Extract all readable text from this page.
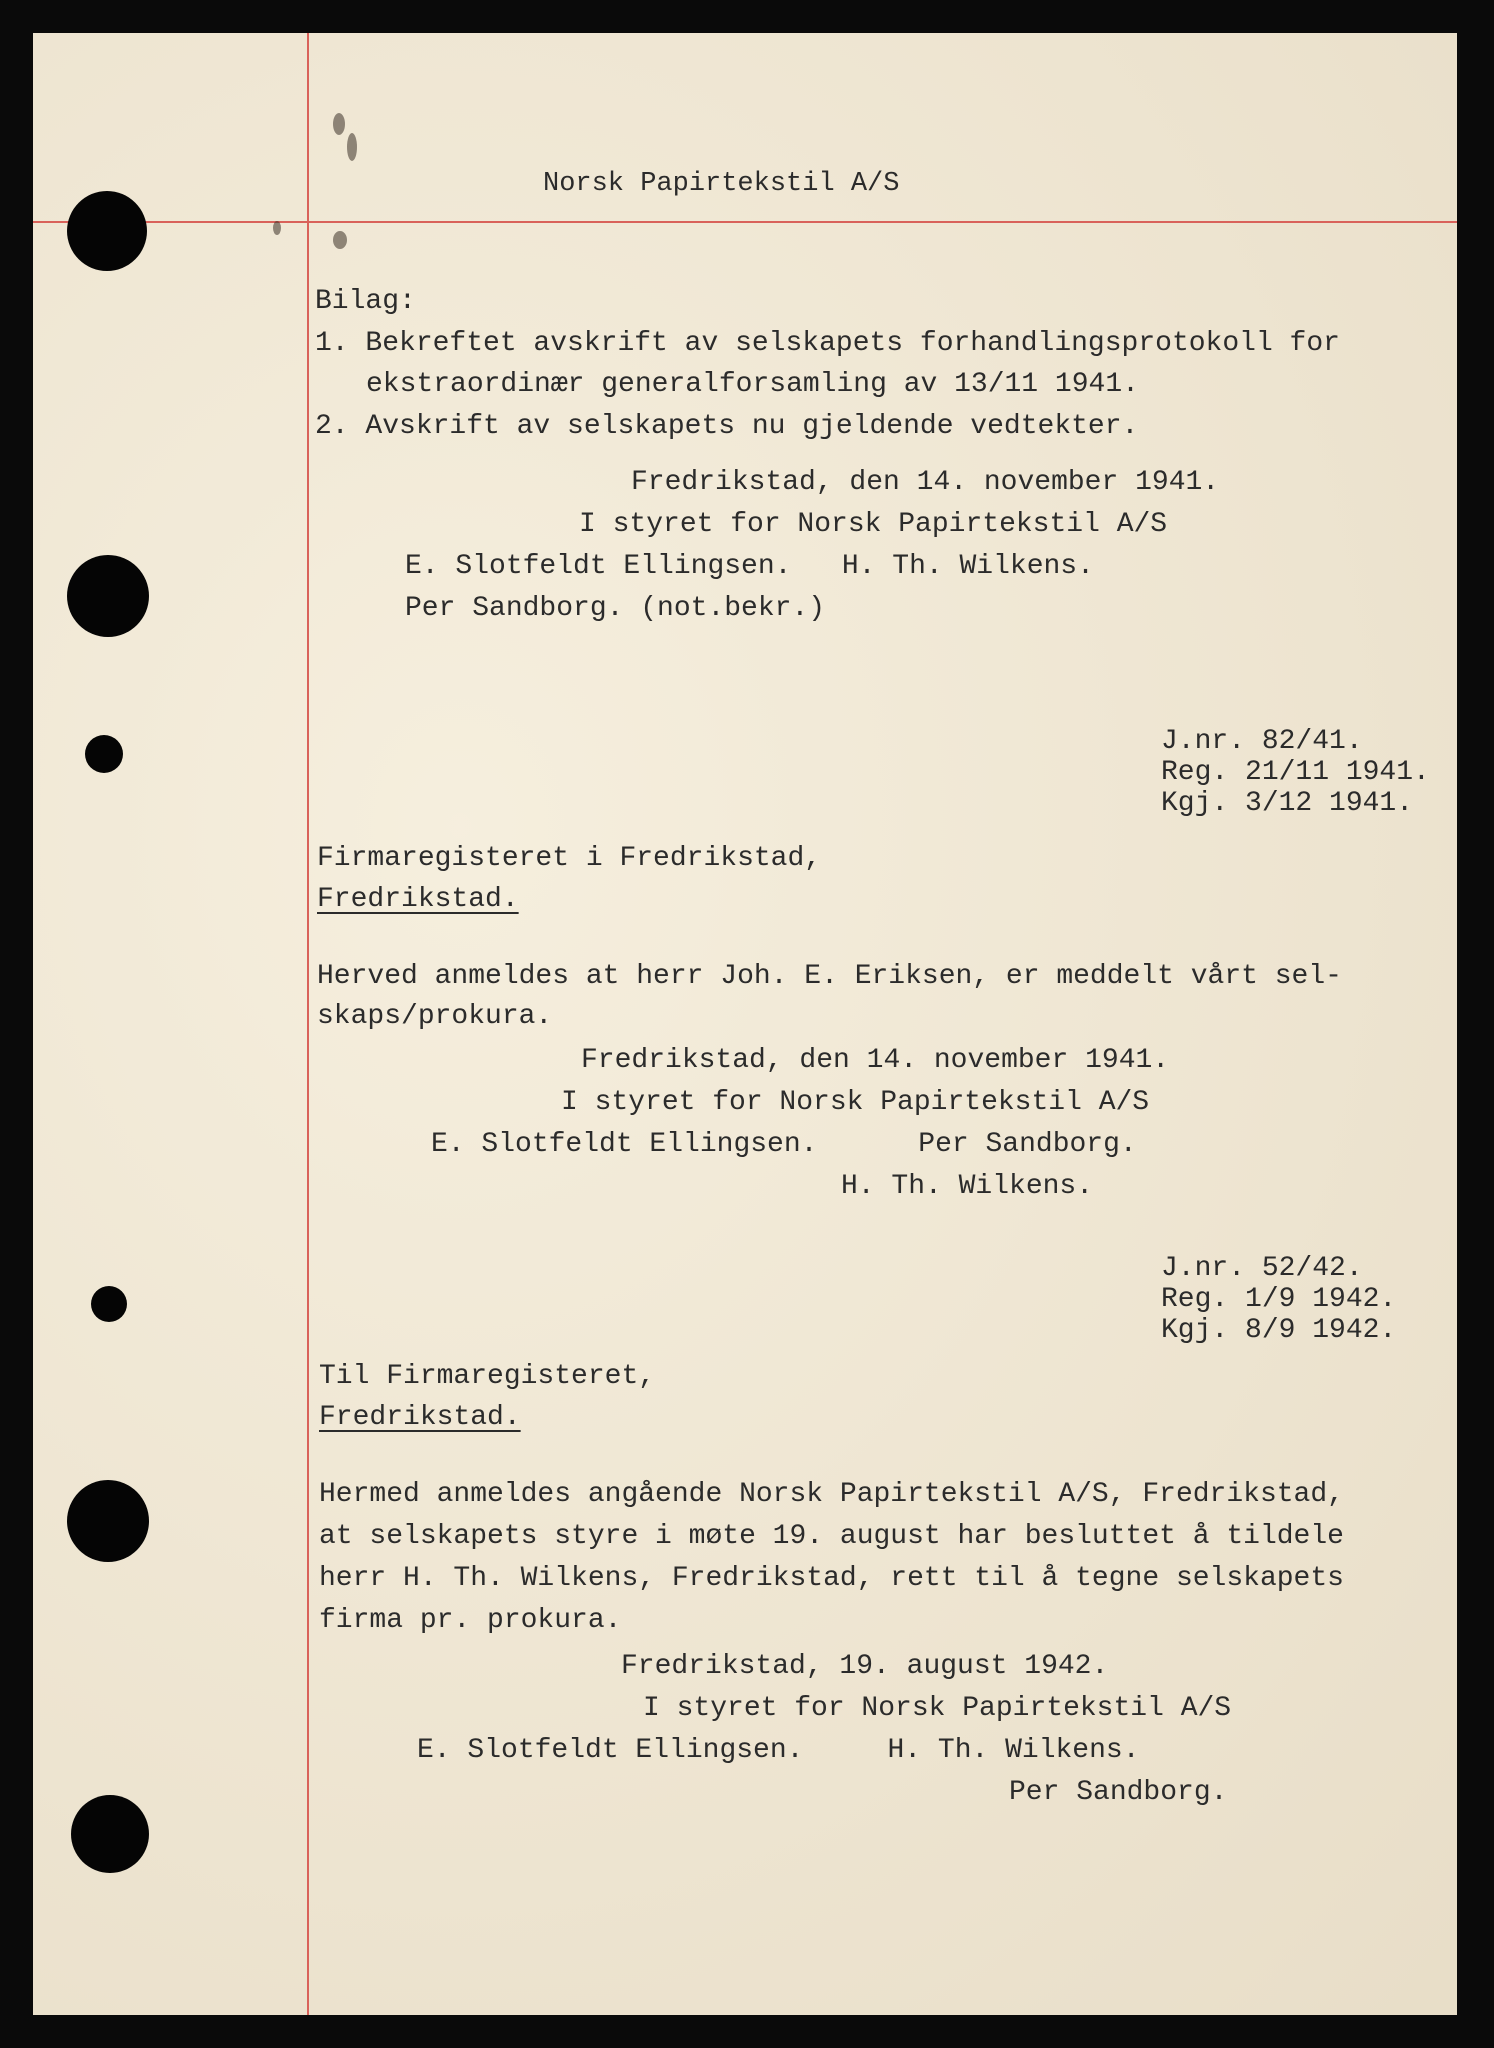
Norsk Papirtekstil A/S
Bilag:
1. Bekreftet avskrift av selskapets forhandlingsprotokoll for
ekstraordinær generalforsamling av 13/11 1941.
2. Avskrift av selskapets nu gjeldende vedtekter.
Fredrikstad, den 14. november 1941.
I styret for Norsk Papirtekstil A/S
E. Slotfeldt Ellingsen.   H. Th. Wilkens.
Per Sandborg. (not.bekr.)
J.nr. 82/41.
Reg. 21/11 1941.
Kgj. 3/12 1941.
Firmaregisteret i Fredrikstad,
Fredrikstad.
Herved anmeldes at herr Joh. E. Eriksen, er meddelt vårt sel-
skaps/prokura.
Fredrikstad, den 14. november 1941.
I styret for Norsk Papirtekstil A/S
E. Slotfeldt Ellingsen.      Per Sandborg.
H. Th. Wilkens.
J.nr. 52/42.
Reg. 1/9 1942.
Kgj. 8/9 1942.
Til Firmaregisteret,
Fredrikstad.
Hermed anmeldes angående Norsk Papirtekstil A/S, Fredrikstad,
at selskapets styre i møte 19. august har besluttet å tildele
herr H. Th. Wilkens, Fredrikstad, rett til å tegne selskapets
firma pr. prokura.
Fredrikstad, 19. august 1942.
I styret for Norsk Papirtekstil A/S
E. Slotfeldt Ellingsen.     H. Th. Wilkens.
Per Sandborg.
